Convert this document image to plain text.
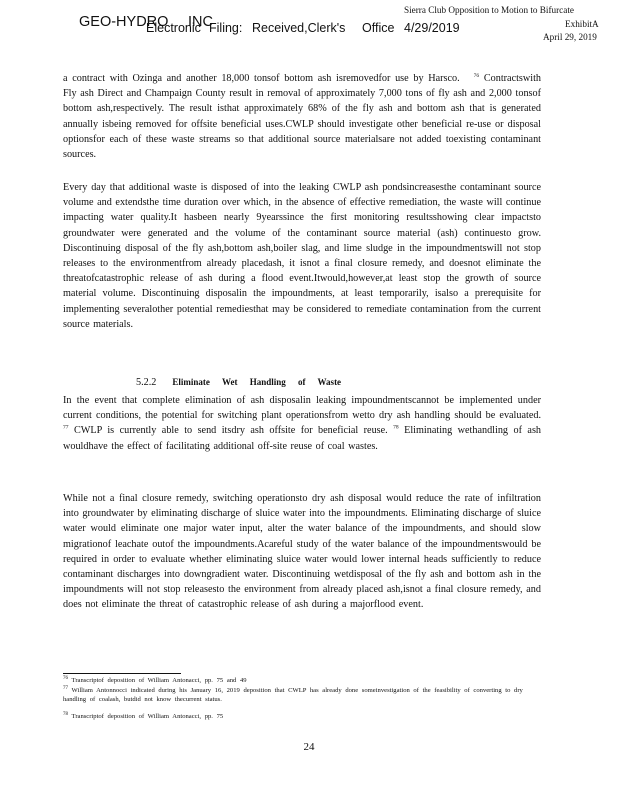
GEO-HYDRO INC
Electronic Filing: Received,Clerk's Office 4/29/2019
Sierra Club Opposition to Motion to Bifurcate
ExhibitA
April 29, 2019
a contract with Ozinga and another 18,000 tonsof bottom ash isremovedfor use by Harsco.	$^{76}$ Contractswith Fly ash Direct and Champaign County result in removal of approximately 7,000 tons of fly ash and 2,000 tonsof bottom ash,respectively. The result isthat approximately 68% of the fly ash and bottom ash that is generated annually isbeing removed for offsite beneficial uses.CWLP should investigate other beneficial re-use or disposal optionsfor each of these waste streams so that additional source materialsare not added toexisting contaminant sources.
Every day that additional waste is disposed of into the leaking CWLP ash pondsincreasesthe contaminant source volume and extendsthe time duration over which, in the absence of effective remediation, the waste will continue impacting water quality.It hasbeen nearly 9yearssince the first monitoring resultsshowing clear impactsto groundwater were generated and the volume of the contaminant source material (ash) continuesto grow. Discontinuing disposal of the fly ash,bottom ash,boiler slag, and lime sludge in the impoundmentswill not stop releases to the environmentfrom already placedash, it isnot a final closure remedy, and doesnot eliminate the threatofcatastrophic release of ash during a flood event.Itwould,however,at least stop the growth of source material volume. Discontinuing disposalin the impoundments, at least temporarily, isalso a prerequisite for implementing severalother potential remediesthat may be considered to remediate contamination from the current source materials.
5.2.2 Eliminate Wet Handling of Waste
In the event that complete elimination of ash disposalin leaking impoundmentscannot be implemented under current conditions, the potential for switching plant operationsfrom wetto dry ash handling should be evaluated. $^{77}$ CWLP is currently able to send itsdry ash offsite for beneficial reuse. $^{78}$ Eliminating wethandling of ash wouldhave the effect of facilitating additional off-site reuse of coal wastes.
While not a final closure remedy, switching operationsto dry ash disposal would reduce the rate of infiltration into groundwater by eliminating discharge of sluice water into the impoundments. Eliminating discharge of sluice water would eliminate one major water input, alter the water balance of the impoundments, and should slow migrationof leachate outof the impoundments.Acareful study of the water balance of the impoundmentswould be required in order to evaluate whether eliminating sluice water would lower internal heads sufficiently to reduce contaminant discharges into downgradient water. Discontinuing wetdisposal of the fly ash and bottom ash in the impoundments will not stop releasesto the environment from already placed ash,isnot a final closure remedy, and does not eliminate the threat of catastrophic release of ash during a majorflood event.
$^{76}$ Transcriptof deposition of William Antonacci, pp. 75 and 49
$^{77}$ William Antonnocci indicated during his January 16, 2019 deposition that CWLP has already done someinvestigation of the feasibility of converting to dry handling of coalash, butdid not know thecurrent status.
$^{78}$ Transcriptof deposition of William Antonacci, pp. 75
24
